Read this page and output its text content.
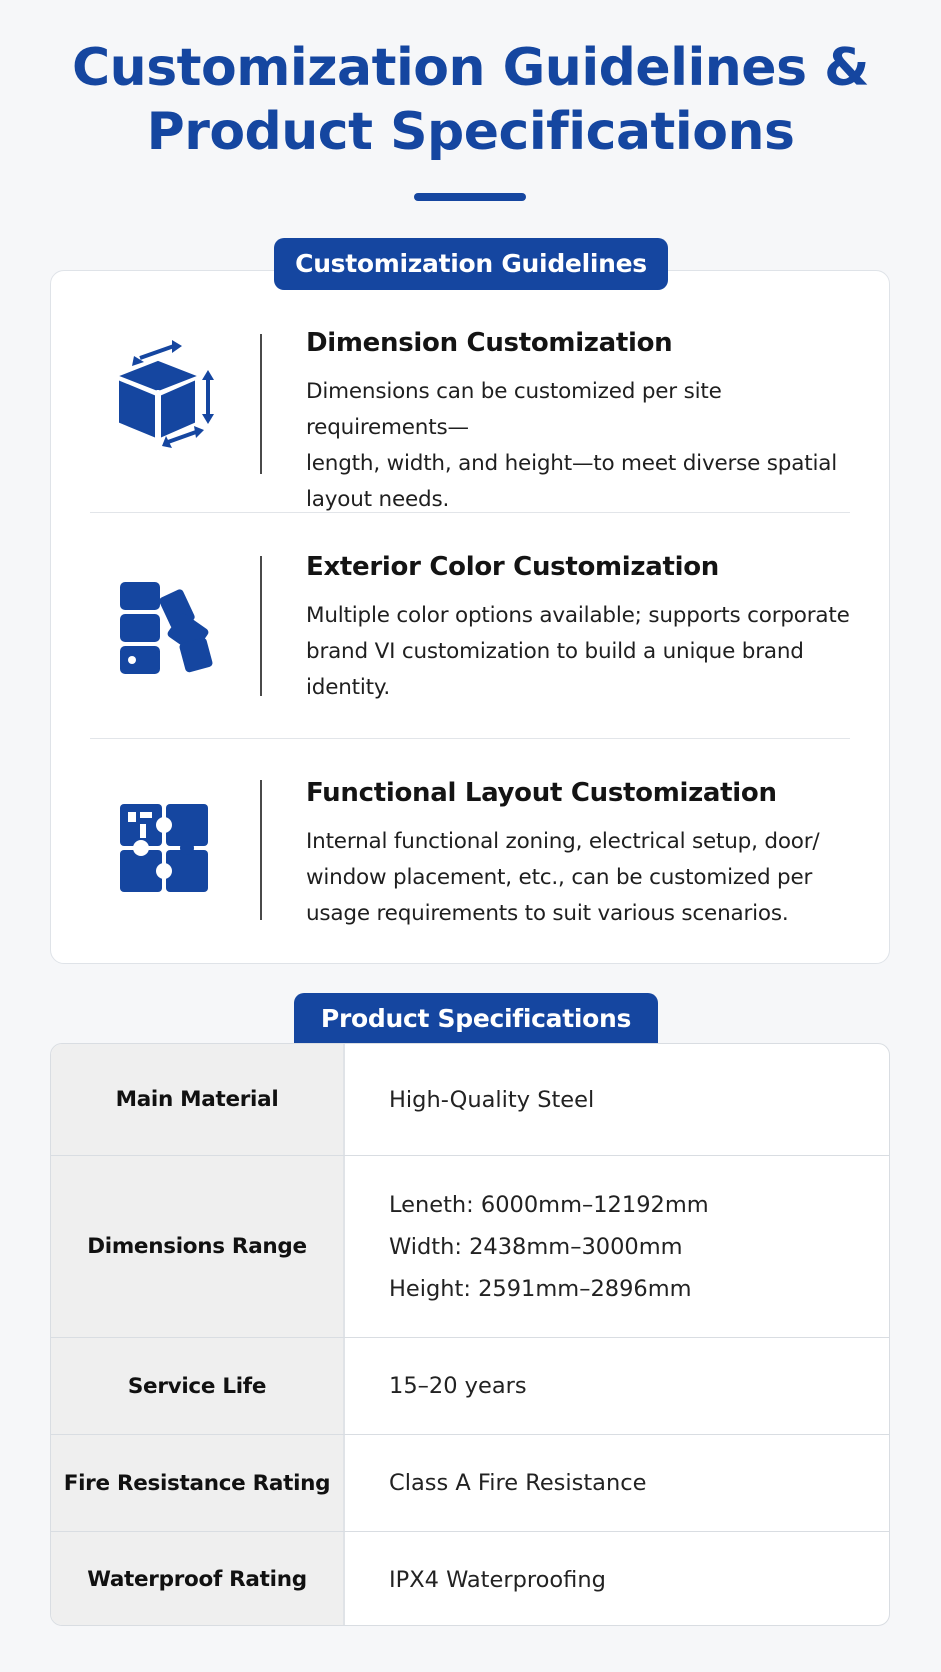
Customization Guidelines &
Product Specifications
Customization Guidelines
Dimension Customization
Dimensions can be customized per site requirements—
length, width, and height—to meet diverse spatial
layout needs.
Exterior Color Customization
Multiple color options available; supports corporate
brand VI customization to build a unique brand
identity.
Functional Layout Customization
Internal functional zoning, electrical setup, door/
window placement, etc., can be customized per
usage requirements to suit various scenarios.
Product Specifications
Main Material	High-Quality Steel
Dimensions Range
Leneth: 6000mm–12192mm
Width: 2438mm–3000mm
Height: 2591mm–2896mm
Service Life	15–20 years
Fire Resistance Rating	Class A Fire Resistance
Waterproof Rating	IPX4 Waterproofing
